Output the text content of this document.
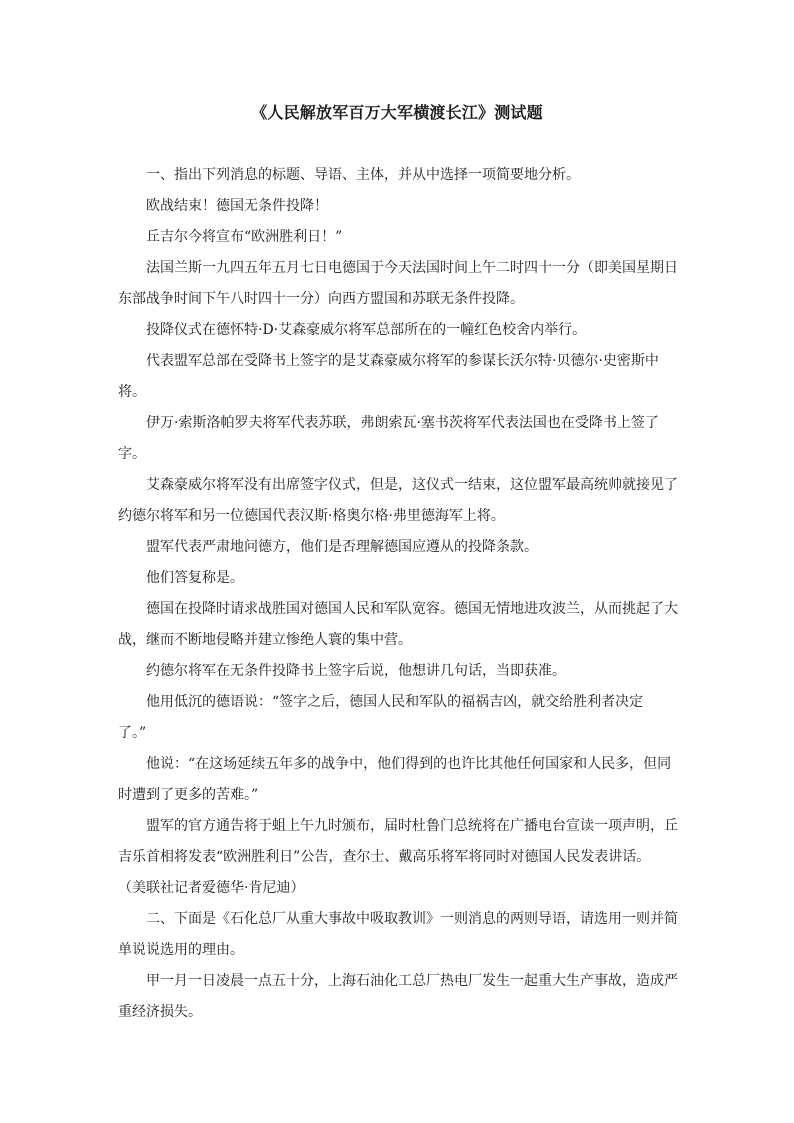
《人民解放军百万大军横渡长江》测试题

一、指出下列消息的标题、导语、主体，并从中选择一项简要地分析。

欧战结束！德国无条件投降！

丘吉尔今将宣布“欧洲胜利日！”

法国兰斯一九四五年五月七日电德国于今天法国时间上午二时四十一分（即美国星期日
东部战争时间下午八时四十一分）向西方盟国和苏联无条件投降。

投降仪式在德怀特·D·艾森豪威尔将军总部所在的一幢红色校舍内举行。

代表盟军总部在受降书上签字的是艾森豪威尔将军的参谋长沃尔特·贝德尔·史密斯中
将。

伊万·索斯洛帕罗夫将军代表苏联，弗朗索瓦·塞书茨将军代表法国也在受降书上签了
字。

艾森豪威尔将军没有出席签字仪式，但是，这仪式一结束，这位盟军最高统帅就接见了
约德尔将军和另一位德国代表汉斯·格奥尔格·弗里德海军上将。

盟军代表严肃地问德方，他们是否理解德国应遵从的投降条款。

他们答复称是。

德国在投降时请求战胜国对德国人民和军队宽容。德国无情地进攻波兰，从而挑起了大
战，继而不断地侵略并建立惨绝人寰的集中营。

约德尔将军在无条件投降书上签字后说，他想讲几句话，当即获准。

他用低沉的德语说：“签字之后，德国人民和军队的福祸吉凶，就交给胜利者决定
了。”

他说：“在这场延续五年多的战争中，他们得到的也许比其他任何国家和人民多，但同
时遭到了更多的苦难。”

盟军的官方通告将于蛆上午九时颁布，届时杜鲁门总统将在广播电台宣读一项声明，丘
吉乐首相将发表“欧洲胜利日”公告，查尔士、戴高乐将军将同时对德国人民发表讲话。

（美联社记者爱德华·肯尼迪）

二、下面是《石化总厂从重大事故中吸取教训》一则消息的两则导语，请选用一则并简
单说说选用的理由。

甲一月一日凌晨一点五十分，上海石油化工总厂热电厂发生一起重大生产事故，造成严
重经济损失。
